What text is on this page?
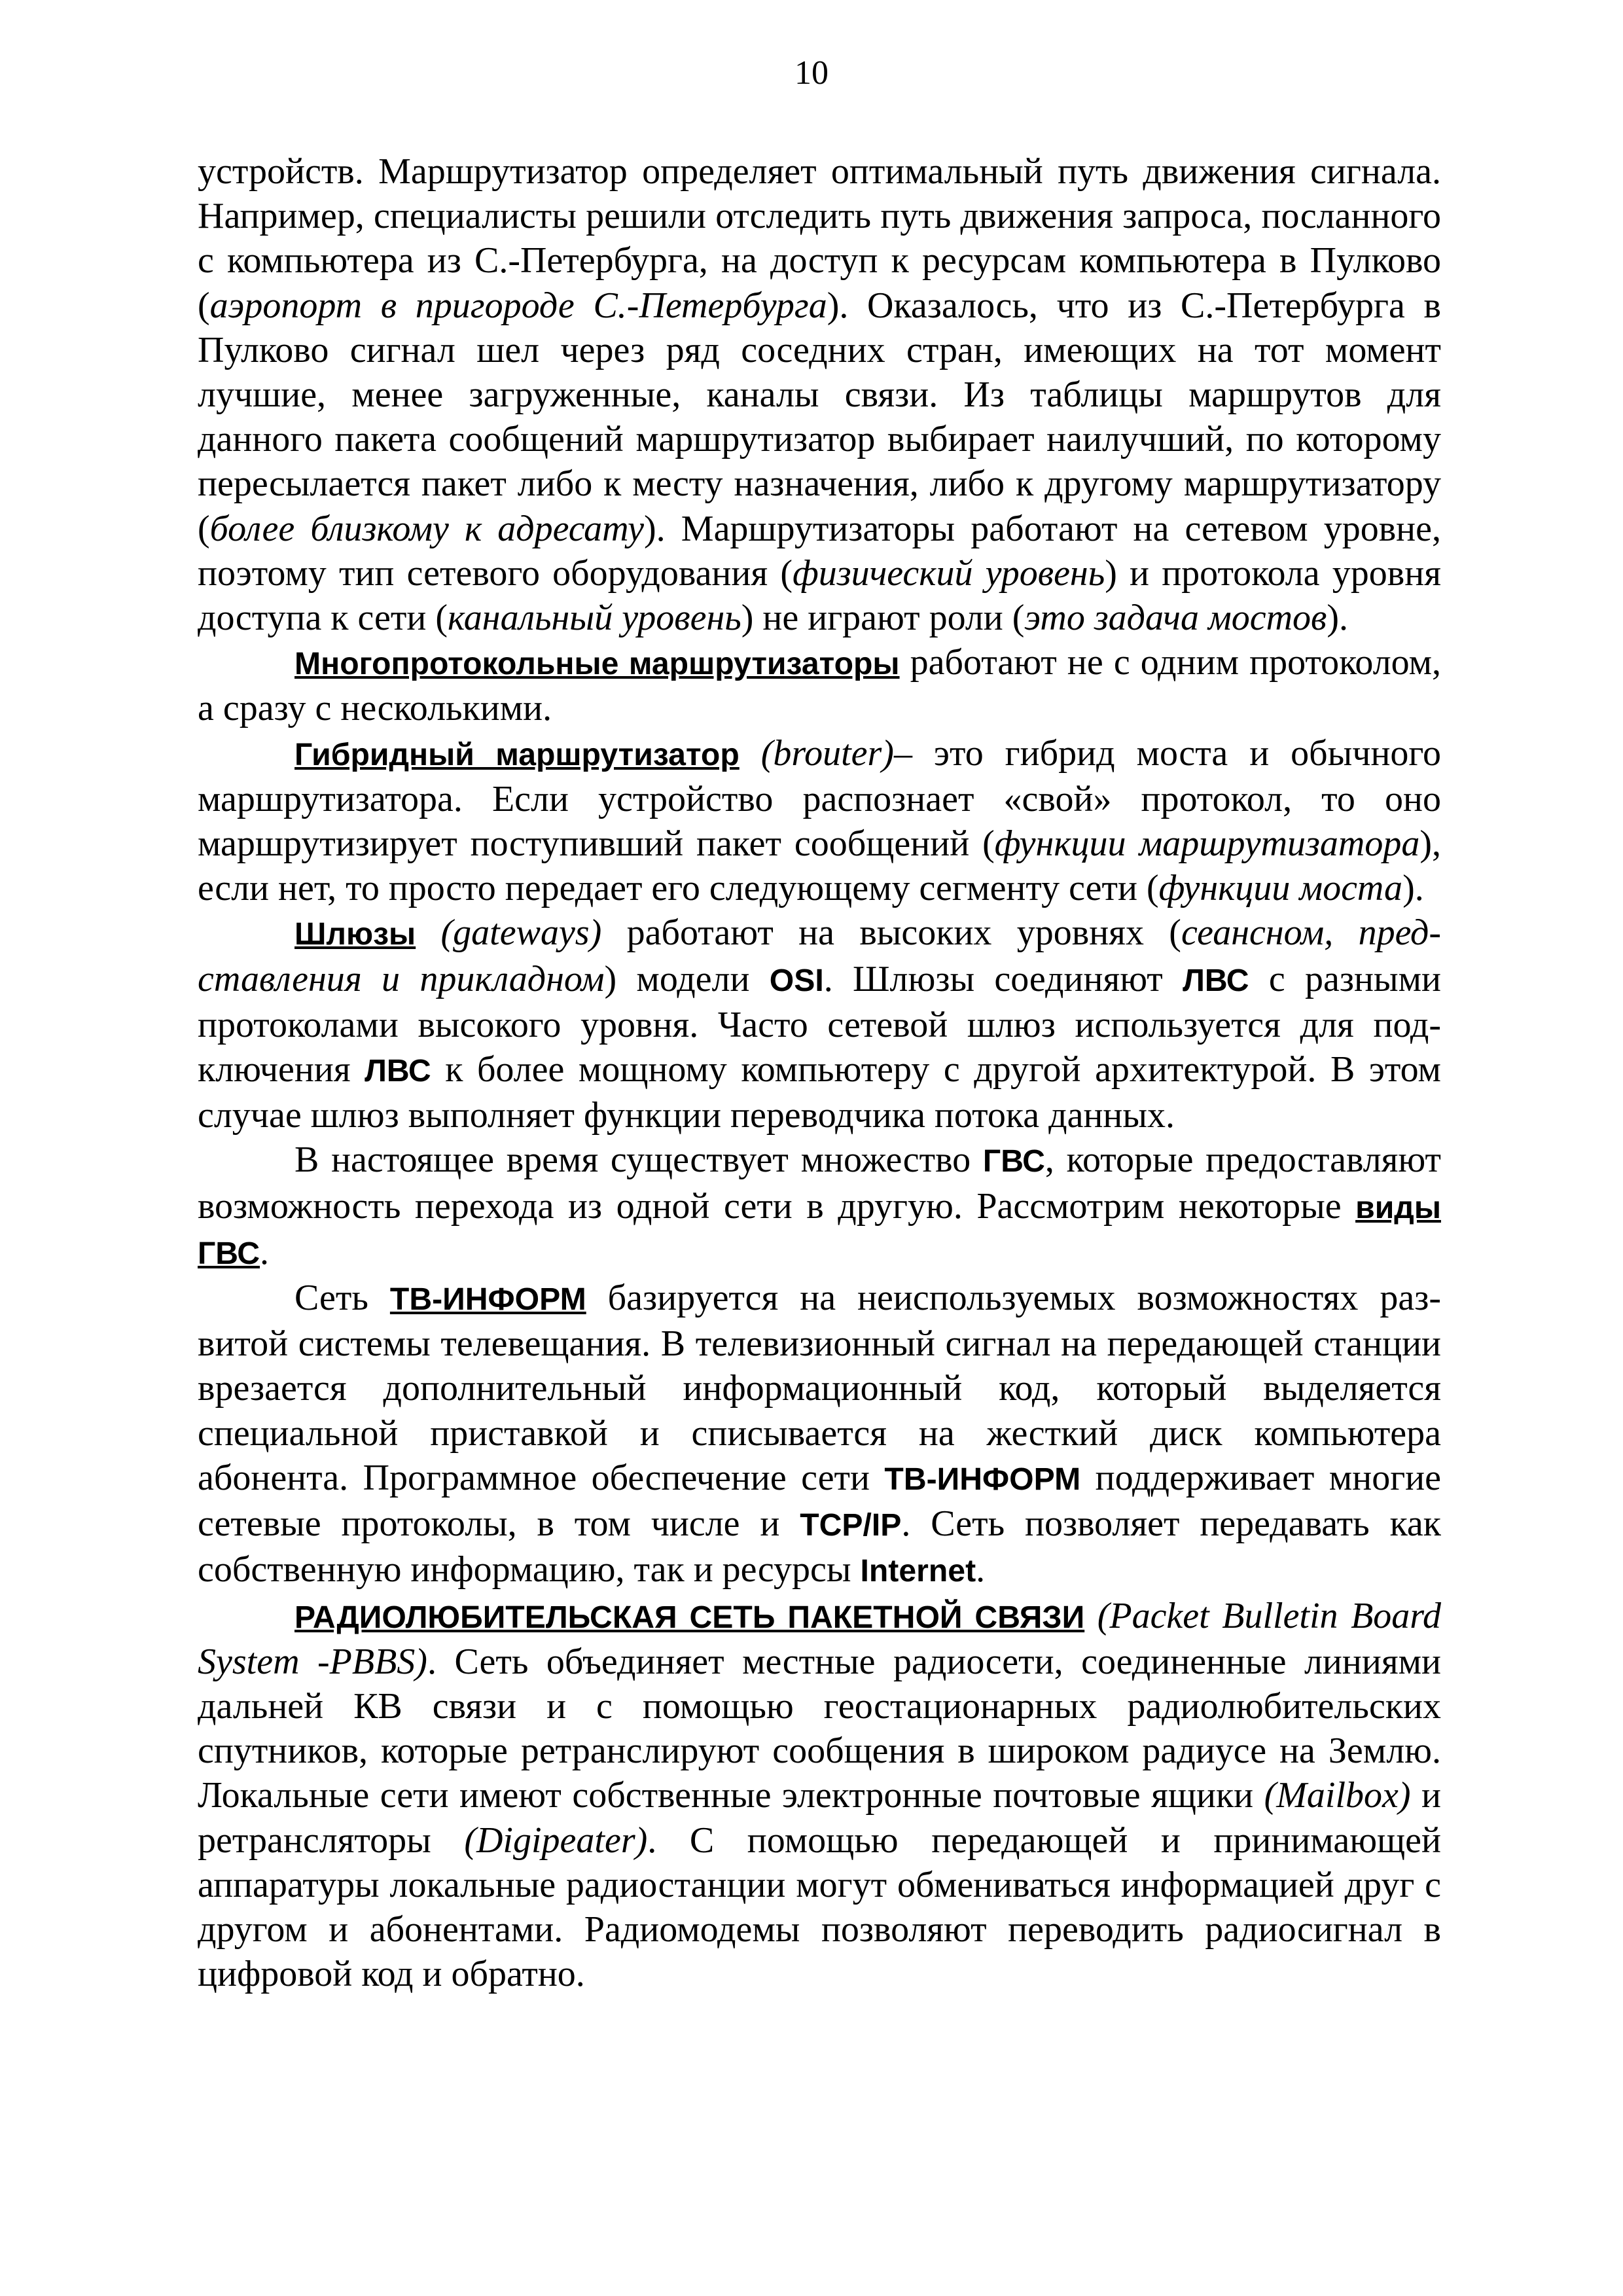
10

устройств. Маршрутизатор определяет оптимальный путь движения сигнала. Например, специалисты решили отследить путь движения запроса, посланного с компьютера из С.-Петербурга, на доступ к ресурсам компьютера в Пулково (аэропорт в пригороде С.-Петербурга). Оказалось, что из С.-Петербурга в Пулково сигнал шел через ряд соседних стран, имеющих на тот момент лучшие, менее загруженные, каналы связи. Из таблицы маршрутов для данного пакета сообщений маршрутизатор выбирает наилучший, по которому пересылается пакет либо к месту назначения, либо к другому маршрутизатору (более близкому к адресату). Маршрутизаторы работают на сетевом уровне, поэтому тип сетевого оборудования (физический уровень) и протокола уровня доступа к сети (канальный уровень) не играют роли (это задача мостов).

Многопротокольные маршрутизаторы работают не с одним протоколом, а сразу с несколькими.

Гибридный маршрутизатор (brouter)– это гибрид моста и обычного маршрутизатора. Если устройство распознает «свой» протокол, то оно маршрутизирует поступивший пакет сообщений (функции маршрутизатора), если нет, то просто передает его следующему сегменту сети (функции моста).

Шлюзы (gateways) работают на высоких уровнях (сеансном, представления и прикладном) модели OSI. Шлюзы соединяют ЛВС с разными протоколами высокого уровня. Часто сетевой шлюз используется для подключения ЛВС к более мощному компьютеру с другой архитектурой. В этом случае шлюз выполняет функции переводчика потока данных.

В настоящее время существует множество ГВС, которые предоставляют возможность перехода из одной сети в другую. Рассмотрим некоторые виды ГВС.

Сеть ТВ-ИНФОРМ базируется на неиспользуемых возможностях развитой системы телевещания. В телевизионный сигнал на передающей станции врезается дополнительный информационный код, который выделяется специальной приставкой и списывается на жесткий диск компьютера абонента. Программное обеспечение сети ТВ-ИНФОРМ поддерживает многие сетевые протоколы, в том числе и TCP/IP. Сеть позволяет передавать как собственную информацию, так и ресурсы Internet.

РАДИОЛЮБИТЕЛЬСКАЯ СЕТЬ ПАКЕТНОЙ СВЯЗИ (Packet Bulletin Board System -PBBS). Сеть объединяет местные радиосети, соединенные линиями дальней КВ связи и с помощью геостационарных радиолюбительских спутников, которые ретранслируют сообщения в широком радиусе на Землю. Локальные сети имеют собственные электронные почтовые ящики (Mailbox) и ретрансляторы (Digipeater). С помощью передающей и принимающей аппаратуры локальные радиостанции могут обмениваться информацией друг с другом и абонентами. Радиомодемы позволяют переводить радиосигнал в цифровой код и обратно.
